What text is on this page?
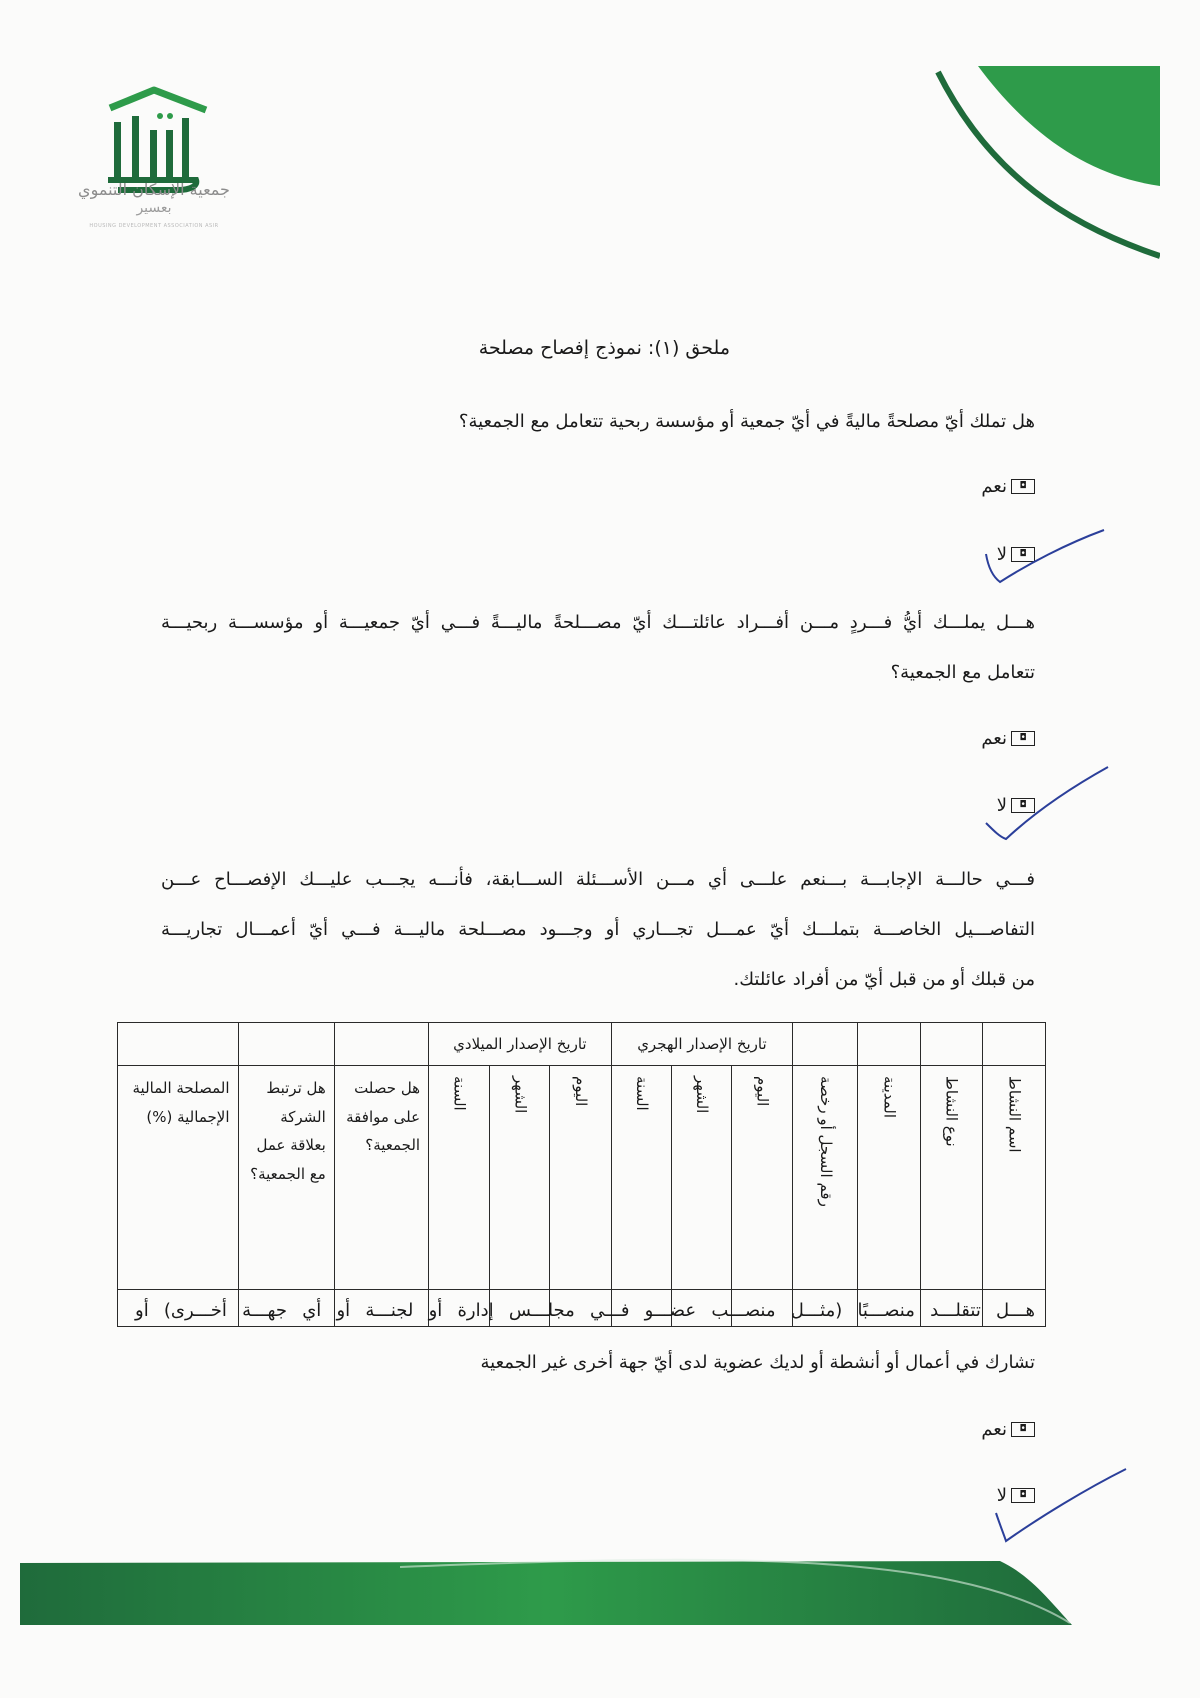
جمعية الإسكان التنموي
بعسير
HOUSING DEVELOPMENT ASSOCIATION ASIR
ملحق (١): نموذج إفصاح مصلحة
هل تملك أيّ مصلحةً ماليةً في أيّ جمعية أو مؤسسة ربحية تتعامل مع الجمعية؟
◘
نعم
◘
لا
هـــل يملـــك أيُّ فـــردٍ مـــن أفـــراد عائلتـــك أيّ مصـــلحةً ماليـــةً فـــي أيّ جمعيـــة أو مؤسســـة ربحيـــة
تتعامل مع الجمعية؟
◘
نعم
◘
لا
فـــي حالـــة الإجابـــة بـــنعم علـــى أي مـــن الأســـئلة الســـابقة، فأنـــه يجـــب عليـــك الإفصـــاح عـــن
التفاصـــيل الخاصـــة بتملـــك أيّ عمـــل تجـــاري أو وجـــود مصـــلحة ماليـــة فـــي أيّ أعمـــال تجاريـــة
من قبلك أو من قبل أيّ من أفراد عائلتك.
				تاريخ الإصدار الهجري			تاريخ الإصدار الميلادي					

اسم النشاط	نوع النشاط	المدينة	رقم السجل أو رخصة	اليوم	الشهر	السنة	اليوم	الشهر	السنة	هل حصلت على موافقة الجمعية؟	هل ترتبط الشركة بعلاقة عمل مع الجمعية؟	المصلحة المالية الإجمالية (%)

هـــل تتقلـــد منصـــبًا (مثـــل منصـــب عضـــو فـــي مجلـــس إدارة أو لجنـــة أو أي جهـــة أخـــرى) أو
تشارك في أعمال أو أنشطة أو لديك عضوية لدى أيّ جهة أخرى غير الجمعية
◘
نعم
◘
لا
